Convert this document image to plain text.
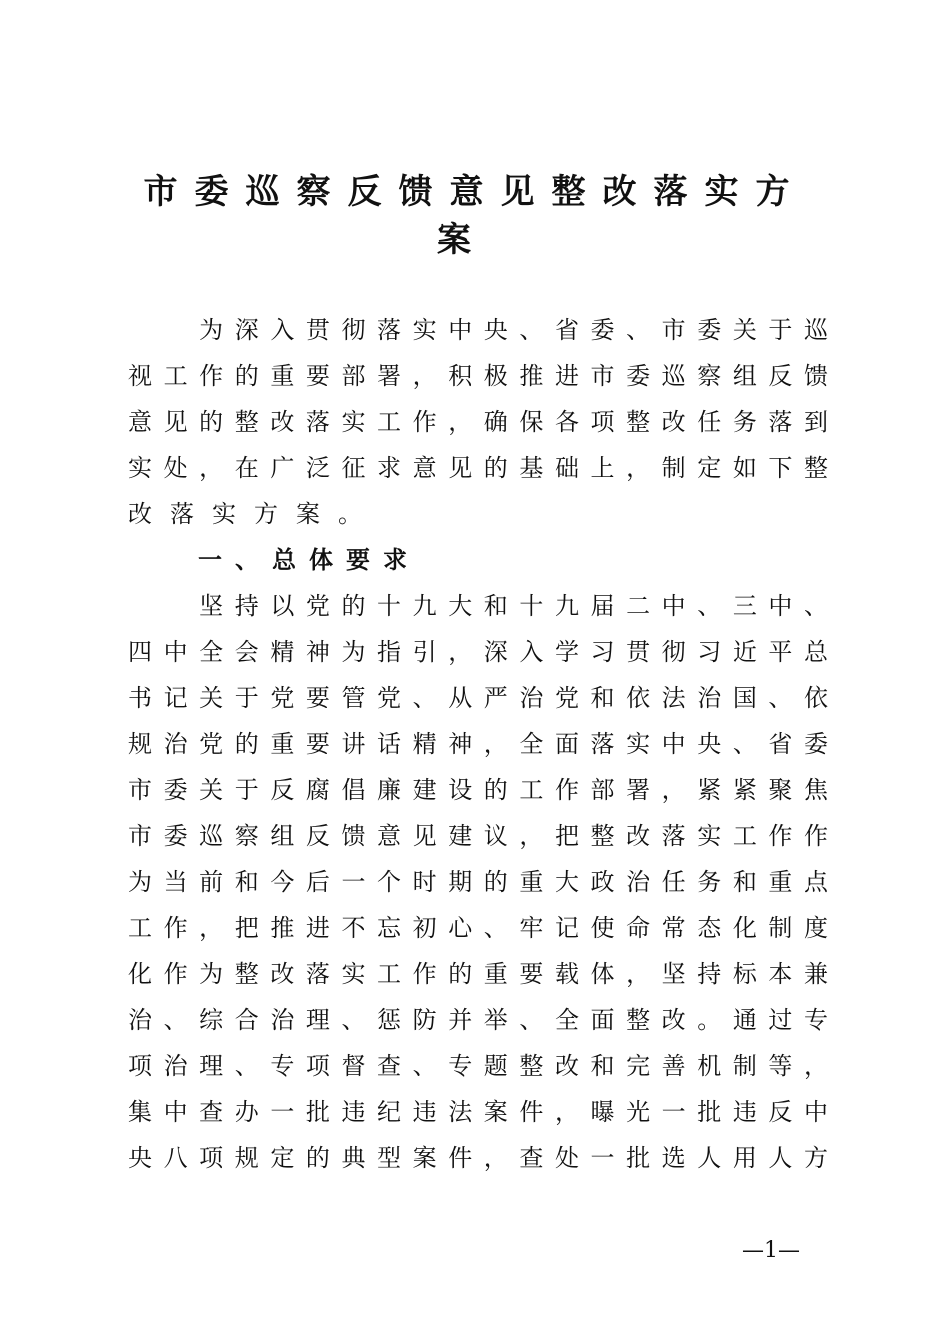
市委巡察反馈意见整改落实方
案

　　为深入贯彻落实中央、省委、市委关于巡

视工作的重要部署，积极推进市委巡察组反馈

意见的整改落实工作，确保各项整改任务落到

实处，在广泛征求意见的基础上，制定如下整

改落实方案。

一、总体要求

　　坚持以党的十九大和十九届二中、三中、

四中全会精神为指引，深入学习贯彻习近平总

书记关于党要管党、从严治党和依法治国、依

规治党的重要讲话精神，全面落实中央、省委

市委关于反腐倡廉建设的工作部署，紧紧聚焦

市委巡察组反馈意见建议，把整改落实工作作

为当前和今后一个时期的重大政治任务和重点

工作，把推进不忘初心、牢记使命常态化制度

化作为整改落实工作的重要载体，坚持标本兼

治、综合治理、惩防并举、全面整改。通过专

项治理、专项督查、专题整改和完善机制等，

集中查办一批违纪违法案件，曝光一批违反中

央八项规定的典型案件，查处一批选人用人方

—1—
